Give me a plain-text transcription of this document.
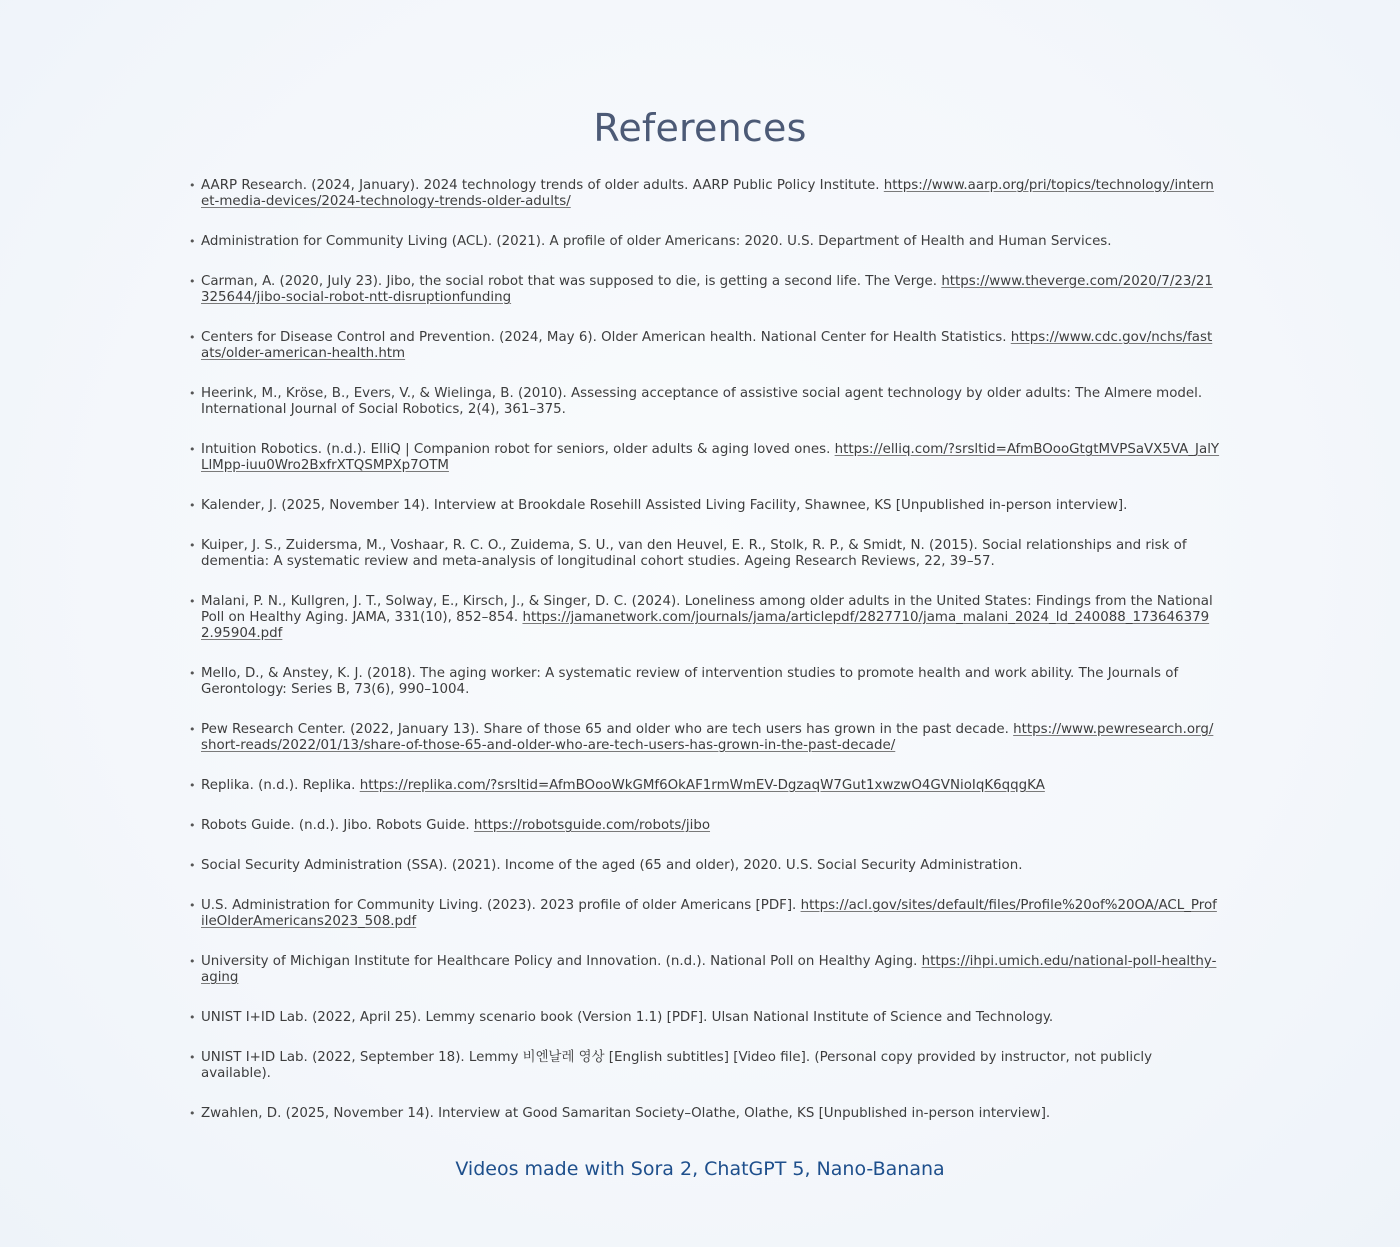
References
• AARP Research. (2024, January). 2024 technology trends of older adults. AARP Public Policy Institute. https://www.aarp.org/pri/topics/technology/internet-media-devices/2024-technology-trends-older-adults/
• Administration for Community Living (ACL). (2021). A profile of older Americans: 2020. U.S. Department of Health and Human Services.
• Carman, A. (2020, July 23). Jibo, the social robot that was supposed to die, is getting a second life. The Verge. https://www.theverge.com/2020/7/23/21325644/jibo-social-robot-ntt-disruptionfunding
• Centers for Disease Control and Prevention. (2024, May 6). Older American health. National Center for Health Statistics. https://www.cdc.gov/nchs/fastats/older-american-health.htm
• Heerink, M., Kröse, B., Evers, V., & Wielinga, B. (2010). Assessing acceptance of assistive social agent technology by older adults: The Almere model. International Journal of Social Robotics, 2(4), 361–375.
• Intuition Robotics. (n.d.). ElliQ | Companion robot for seniors, older adults & aging loved ones. https://elliq.com/?srsltid=AfmBOooGtgtMVPSaVX5VA_JalYLlMpp-iuu0Wro2BxfrXTQSMPXp7OTM
• Kalender, J. (2025, November 14). Interview at Brookdale Rosehill Assisted Living Facility, Shawnee, KS [Unpublished in-person interview].
• Kuiper, J. S., Zuidersma, M., Voshaar, R. C. O., Zuidema, S. U., van den Heuvel, E. R., Stolk, R. P., & Smidt, N. (2015). Social relationships and risk of dementia: A systematic review and meta-analysis of longitudinal cohort studies. Ageing Research Reviews, 22, 39–57.
• Malani, P. N., Kullgren, J. T., Solway, E., Kirsch, J., & Singer, D. C. (2024). Loneliness among older adults in the United States: Findings from the National Poll on Healthy Aging. JAMA, 331(10), 852–854. https://jamanetwork.com/journals/jama/articlepdf/2827710/jama_malani_2024_ld_240088_1736463792.95904.pdf
• Mello, D., & Anstey, K. J. (2018). The aging worker: A systematic review of intervention studies to promote health and work ability. The Journals of Gerontology: Series B, 73(6), 990–1004.
• Pew Research Center. (2022, January 13). Share of those 65 and older who are tech users has grown in the past decade. https://www.pewresearch.org/short-reads/2022/01/13/share-of-those-65-and-older-who-are-tech-users-has-grown-in-the-past-decade/
• Replika. (n.d.). Replika. https://replika.com/?srsltid=AfmBOooWkGMf6OkAF1rmWmEV-DgzaqW7Gut1xwzwO4GVNioIqK6qqgKA
• Robots Guide. (n.d.). Jibo. Robots Guide. https://robotsguide.com/robots/jibo
• Social Security Administration (SSA). (2021). Income of the aged (65 and older), 2020. U.S. Social Security Administration.
• U.S. Administration for Community Living. (2023). 2023 profile of older Americans [PDF]. https://acl.gov/sites/default/files/Profile%20of%20OA/ACL_ProfileOlderAmericans2023_508.pdf
• University of Michigan Institute for Healthcare Policy and Innovation. (n.d.). National Poll on Healthy Aging. https://ihpi.umich.edu/national-poll-healthy-aging
• UNIST I+ID Lab. (2022, April 25). Lemmy scenario book (Version 1.1) [PDF]. Ulsan National Institute of Science and Technology.
• UNIST I+ID Lab. (2022, September 18). Lemmy 비엔날레 영상 [English subtitles] [Video file]. (Personal copy provided by instructor, not publicly available).
• Zwahlen, D. (2025, November 14). Interview at Good Samaritan Society–Olathe, Olathe, KS [Unpublished in-person interview].

Videos made with Sora 2, ChatGPT 5, Nano-Banana
